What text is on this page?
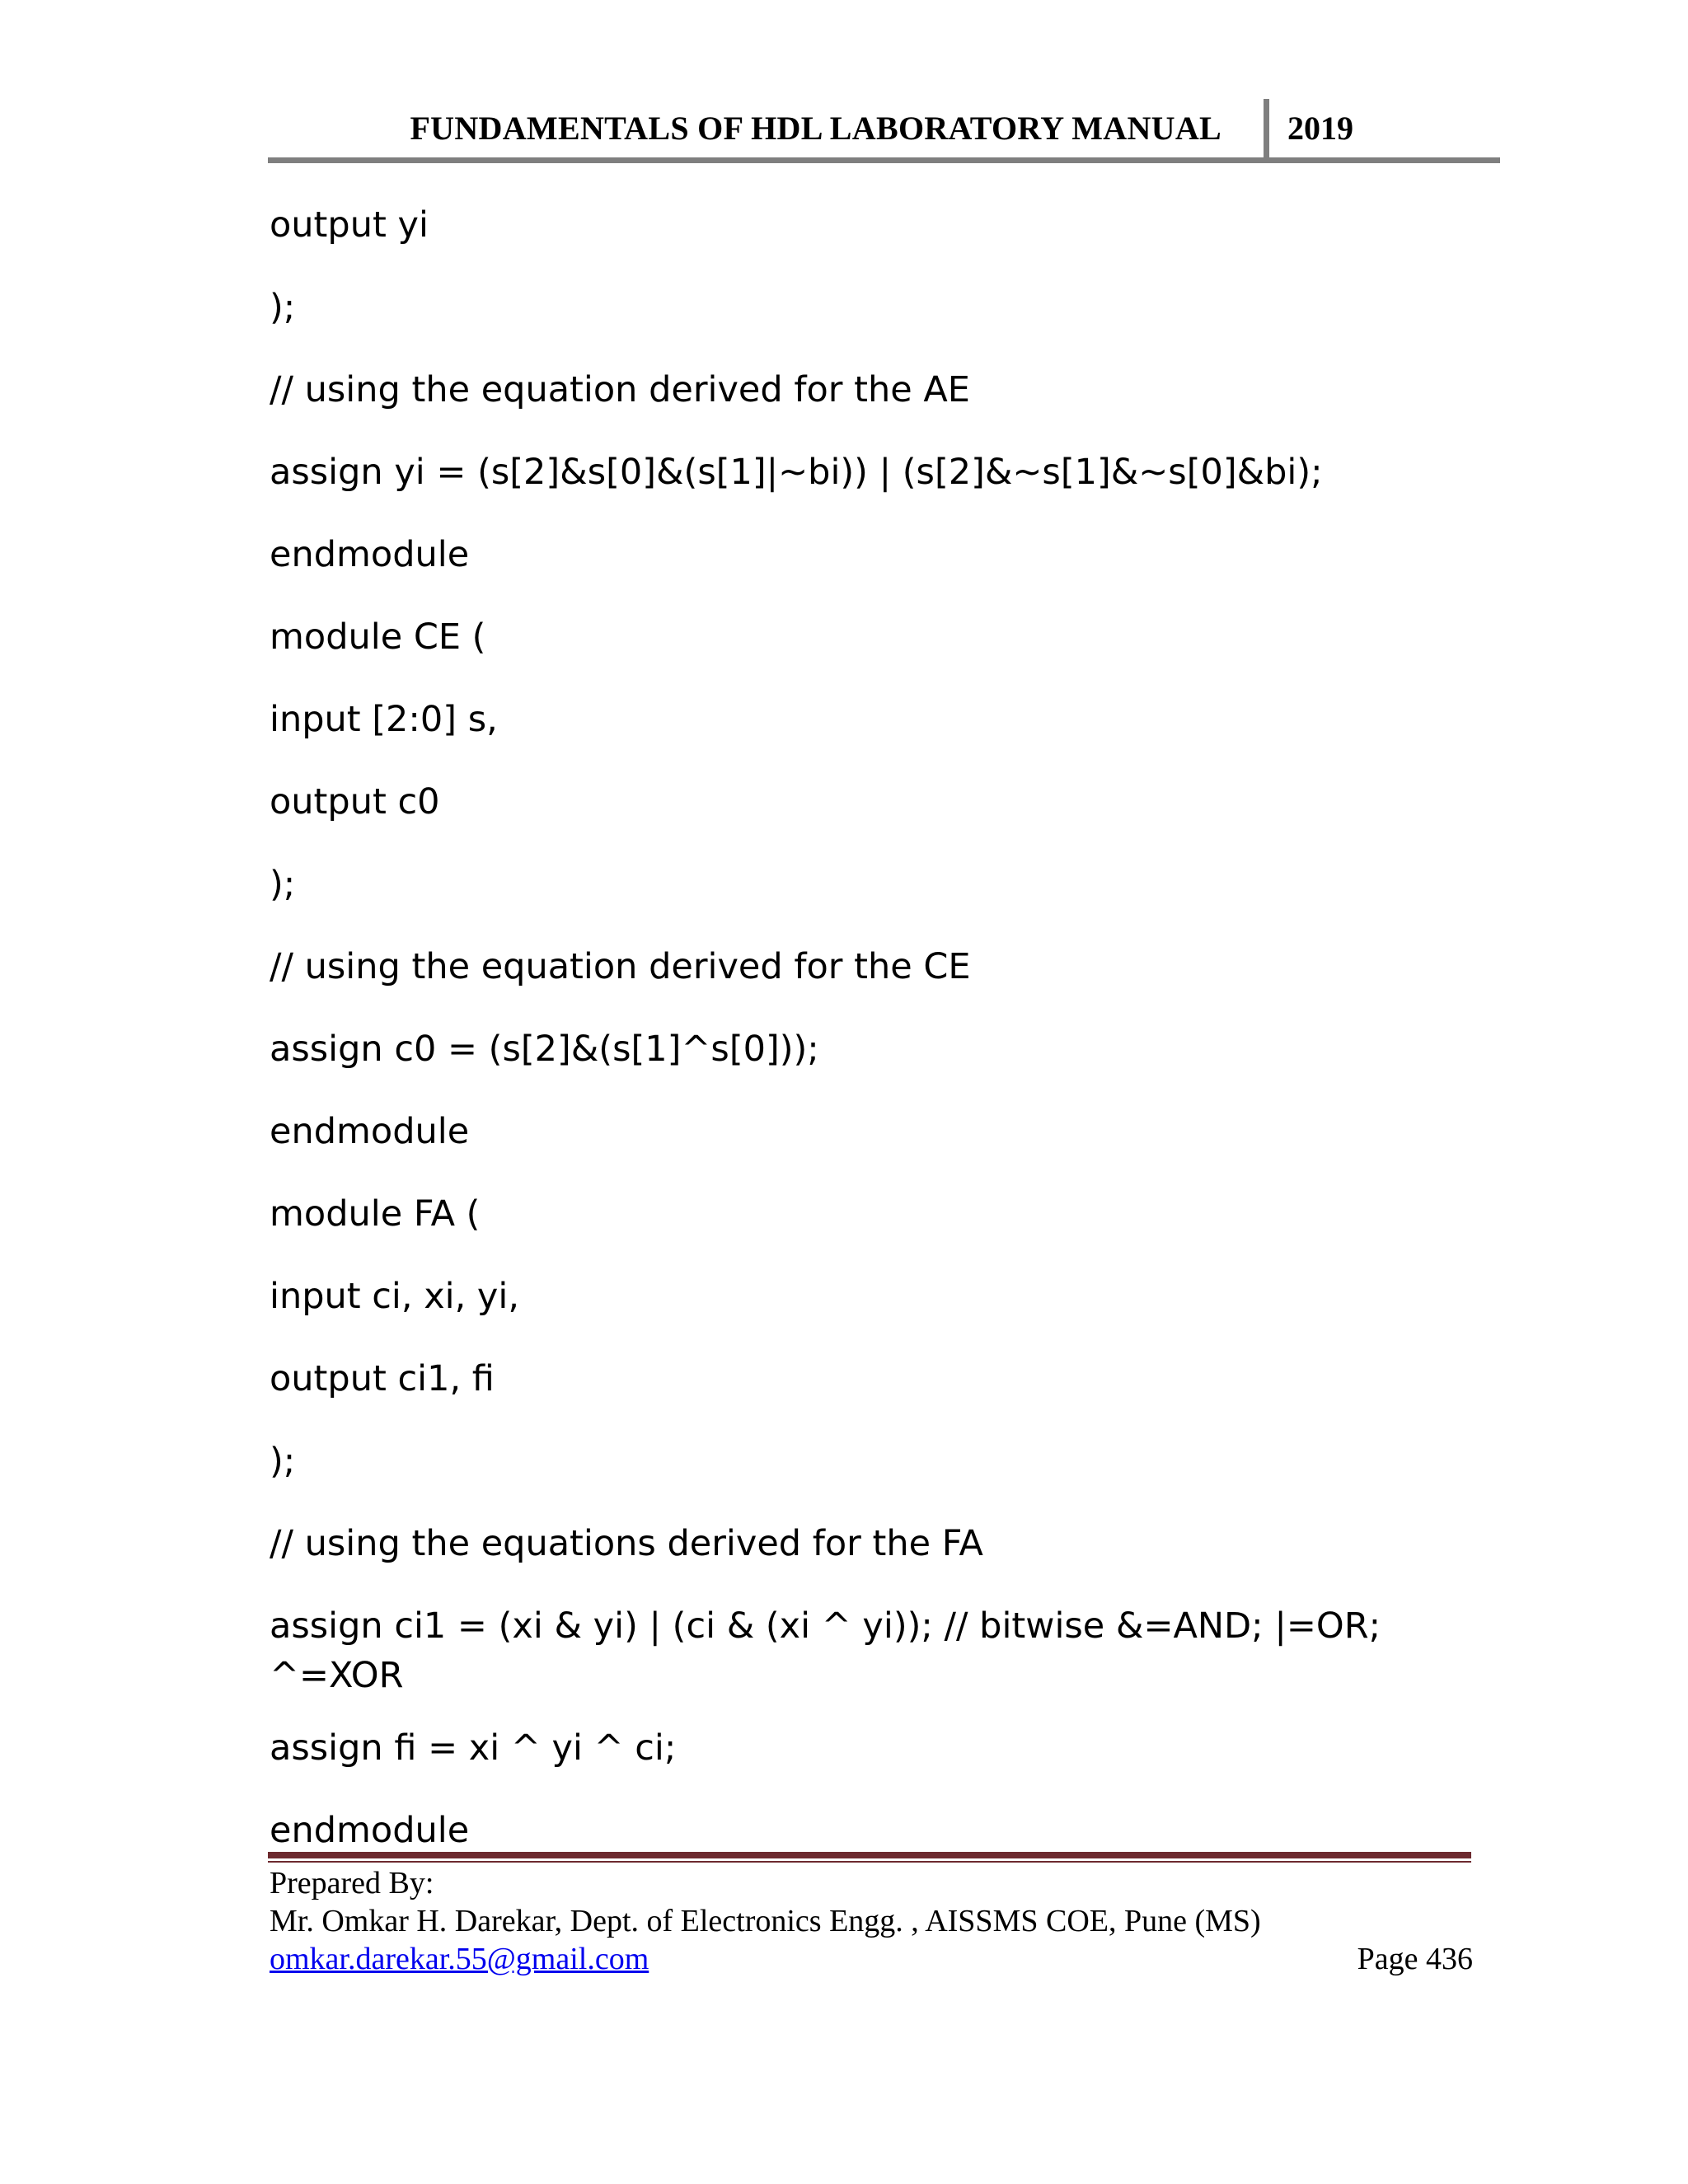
FUNDAMENTALS OF HDL LABORATORY MANUAL 2019
output yi
);
// using the equation derived for the AE
assign yi = (s[2]&s[0]&(s[1]|~bi)) | (s[2]&~s[1]&~s[0]&bi);
endmodule
module CE (
input [2:0] s,
output c0
);
// using the equation derived for the CE
assign c0 = (s[2]&(s[1]^s[0]));
endmodule
module FA (
input ci, xi, yi,
output ci1, fi
);
// using the equations derived for the FA
assign ci1 = (xi & yi) | (ci & (xi ^ yi)); // bitwise &=AND; |=OR; ^=XOR
assign fi = xi ^ yi ^ ci;
endmodule
Prepared By:
Mr. Omkar H. Darekar, Dept. of Electronics Engg. , AISSMS COE, Pune (MS)
omkar.darekar.55@gmail.com	Page 436
